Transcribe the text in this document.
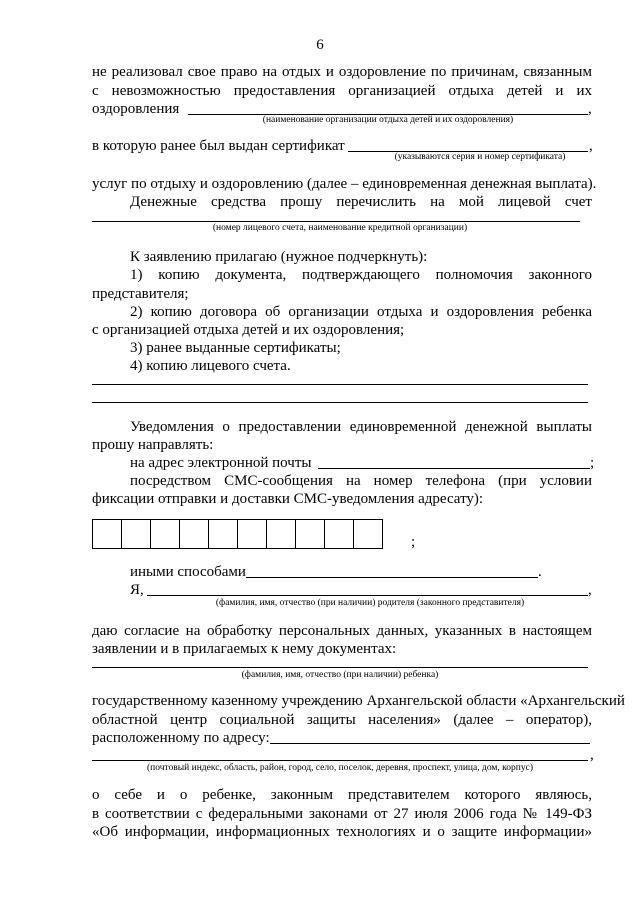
6
не реализовал свое право на отдых и оздоровление по причинам, связанным
с невозможностью предоставления организацией отдыха детей и их
оздоровления	,
(наименование организации отдыха детей и их оздоровления)
в которую ранее был выдан сертификат	,
(указываются серия и номер сертификата)
услуг по отдыху и оздоровлению (далее – единовременная денежная выплата).
Денежные средства прошу перечислить на мой лицевой счет
(номер лицевого счета, наименование кредитной организации)
К заявлению прилагаю (нужное подчеркнуть):
1) копию документа, подтверждающего полномочия законного
представителя;
2) копию договора об организации отдыха и оздоровления ребенка
с организацией отдыха детей и их оздоровления;
3) ранее выданные сертификаты;
4) копию лицевого счета.
Уведомления о предоставлении единовременной денежной выплаты
прошу направлять:
на адрес электронной почты	;
посредством СМС-сообщения на номер телефона (при условии
фиксации отправки и доставки СМС-уведомления адресату):
;
иными способами	.
Я,	,
(фамилия, имя, отчество (при наличии) родителя (законного представителя)
даю согласие на обработку персональных данных, указанных в настоящем
заявлении и в прилагаемых к нему документах:
(фамилия, имя, отчество (при наличии) ребенка)
государственному казенному учреждению Архангельской области «Архангельский
областной центр социальной защиты населения» (далее – оператор),
расположенному по адресу:
,
(почтовый индекс, область, район, город, село, поселок, деревня, проспект, улица, дом, корпус)
о себе и о ребенке, законным представителем которого являюсь,
в соответствии с федеральными законами от 27 июля 2006 года № 149-ФЗ
«Об информации, информационных технологиях и о защите информации»
